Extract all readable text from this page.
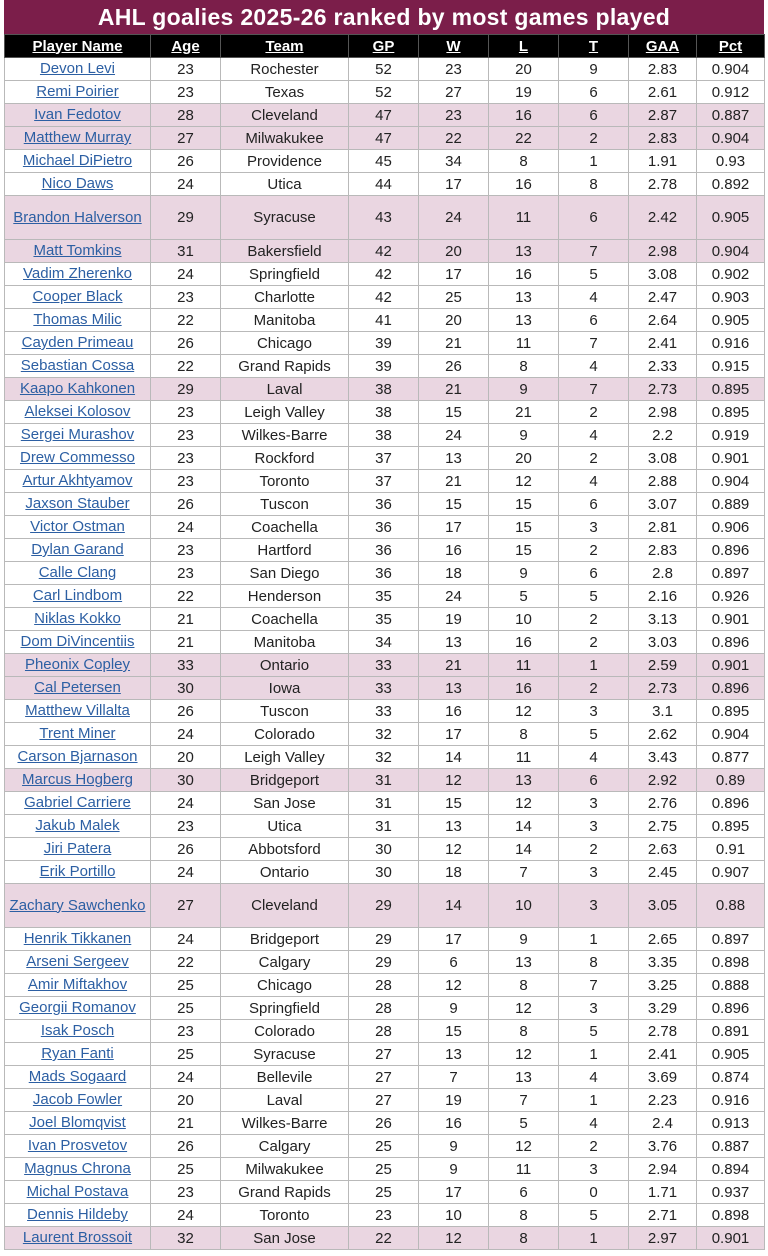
AHL goalies 2025-26 ranked by most games played
Player Name	Age	Team	GP	W	L	T	GAA	Pct
Devon Levi	23	Rochester	52	23	20	9	2.83	0.904
Remi Poirier	23	Texas	52	27	19	6	2.61	0.912
Ivan Fedotov	28	Cleveland	47	23	16	6	2.87	0.887
Matthew Murray	27	Milwakukee	47	22	22	2	2.83	0.904
Michael DiPietro	26	Providence	45	34	8	1	1.91	0.93
Nico Daws	24	Utica	44	17	16	8	2.78	0.892
Brandon Halverson	29	Syracuse	43	24	11	6	2.42	0.905
Matt Tomkins	31	Bakersfield	42	20	13	7	2.98	0.904
Vadim Zherenko	24	Springfield	42	17	16	5	3.08	0.902
Cooper Black	23	Charlotte	42	25	13	4	2.47	0.903
Thomas Milic	22	Manitoba	41	20	13	6	2.64	0.905
Cayden Primeau	26	Chicago	39	21	11	7	2.41	0.916
Sebastian Cossa	22	Grand Rapids	39	26	8	4	2.33	0.915
Kaapo Kahkonen	29	Laval	38	21	9	7	2.73	0.895
Aleksei Kolosov	23	Leigh Valley	38	15	21	2	2.98	0.895
Sergei Murashov	23	Wilkes-Barre	38	24	9	4	2.2	0.919
Drew Commesso	23	Rockford	37	13	20	2	3.08	0.901
Artur Akhtyamov	23	Toronto	37	21	12	4	2.88	0.904
Jaxson Stauber	26	Tuscon	36	15	15	6	3.07	0.889
Victor Ostman	24	Coachella	36	17	15	3	2.81	0.906
Dylan Garand	23	Hartford	36	16	15	2	2.83	0.896
Calle Clang	23	San Diego	36	18	9	6	2.8	0.897
Carl Lindbom	22	Henderson	35	24	5	5	2.16	0.926
Niklas Kokko	21	Coachella	35	19	10	2	3.13	0.901
Dom DiVincentiis	21	Manitoba	34	13	16	2	3.03	0.896
Pheonix Copley	33	Ontario	33	21	11	1	2.59	0.901
Cal Petersen	30	Iowa	33	13	16	2	2.73	0.896
Matthew Villalta	26	Tuscon	33	16	12	3	3.1	0.895
Trent Miner	24	Colorado	32	17	8	5	2.62	0.904
Carson Bjarnason	20	Leigh Valley	32	14	11	4	3.43	0.877
Marcus Hogberg	30	Bridgeport	31	12	13	6	2.92	0.89
Gabriel Carriere	24	San Jose	31	15	12	3	2.76	0.896
Jakub Malek	23	Utica	31	13	14	3	2.75	0.895
Jiri Patera	26	Abbotsford	30	12	14	2	2.63	0.91
Erik Portillo	24	Ontario	30	18	7	3	2.45	0.907
Zachary Sawchenko	27	Cleveland	29	14	10	3	3.05	0.88
Henrik Tikkanen	24	Bridgeport	29	17	9	1	2.65	0.897
Arseni Sergeev	22	Calgary	29	6	13	8	3.35	0.898
Amir Miftakhov	25	Chicago	28	12	8	7	3.25	0.888
Georgii Romanov	25	Springfield	28	9	12	3	3.29	0.896
Isak Posch	23	Colorado	28	15	8	5	2.78	0.891
Ryan Fanti	25	Syracuse	27	13	12	1	2.41	0.905
Mads Sogaard	24	Bellevile	27	7	13	4	3.69	0.874
Jacob Fowler	20	Laval	27	19	7	1	2.23	0.916
Joel Blomqvist	21	Wilkes-Barre	26	16	5	4	2.4	0.913
Ivan Prosvetov	26	Calgary	25	9	12	2	3.76	0.887
Magnus Chrona	25	Milwakukee	25	9	11	3	2.94	0.894
Michal Postava	23	Grand Rapids	25	17	6	0	1.71	0.937
Dennis Hildeby	24	Toronto	23	10	8	5	2.71	0.898
Laurent Brossoit	32	San Jose	22	12	8	1	2.97	0.901
